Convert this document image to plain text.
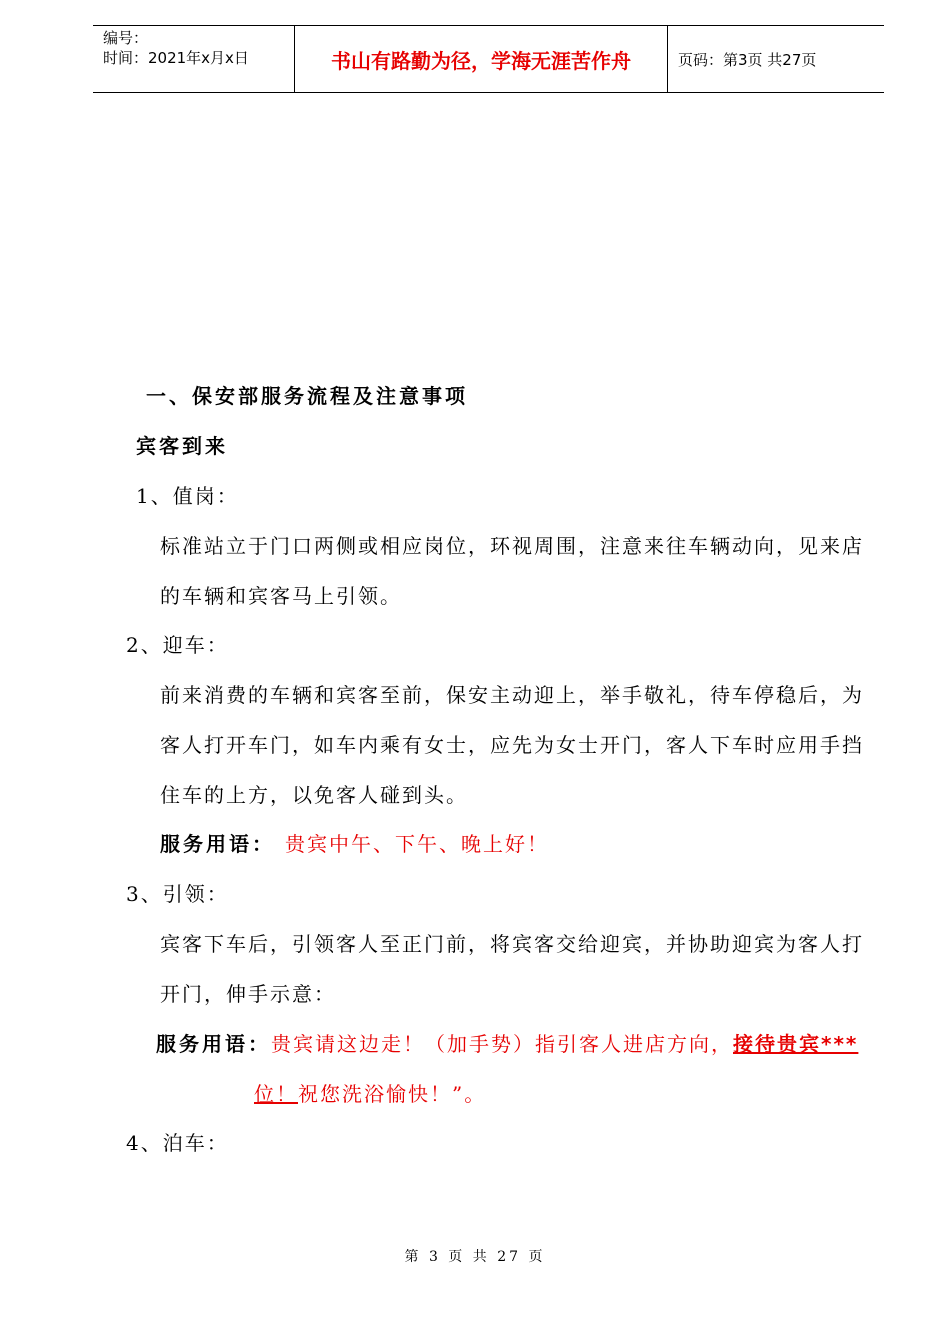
编号：
时间：2021年x月x日	书山有路勤为径，学海无涯苦作舟	页码：第3页 共27页
一、保安部服务流程及注意事项
宾客到来
1、值岗：
标准站立于门口两侧或相应岗位，环视周围，注意来往车辆动向，见来店
的车辆和宾客马上引领。
2、迎车：
前来消费的车辆和宾客至前，保安主动迎上，举手敬礼，待车停稳后，为
客人打开车门，如车内乘有女士，应先为女士开门，客人下车时应用手挡
住车的上方，以免客人碰到头。
服务用语： 贵宾中午、下午、晚上好！
3、引领：
宾客下车后，引领客人至正门前，将宾客交给迎宾，并协助迎宾为客人打
开门，伸手示意：
服务用语：贵宾请这边走！（加手势）指引客人进店方向，接待贵宾***
位！祝您洗浴愉快！”。
4、泊车：
第 3 页 共 27 页
